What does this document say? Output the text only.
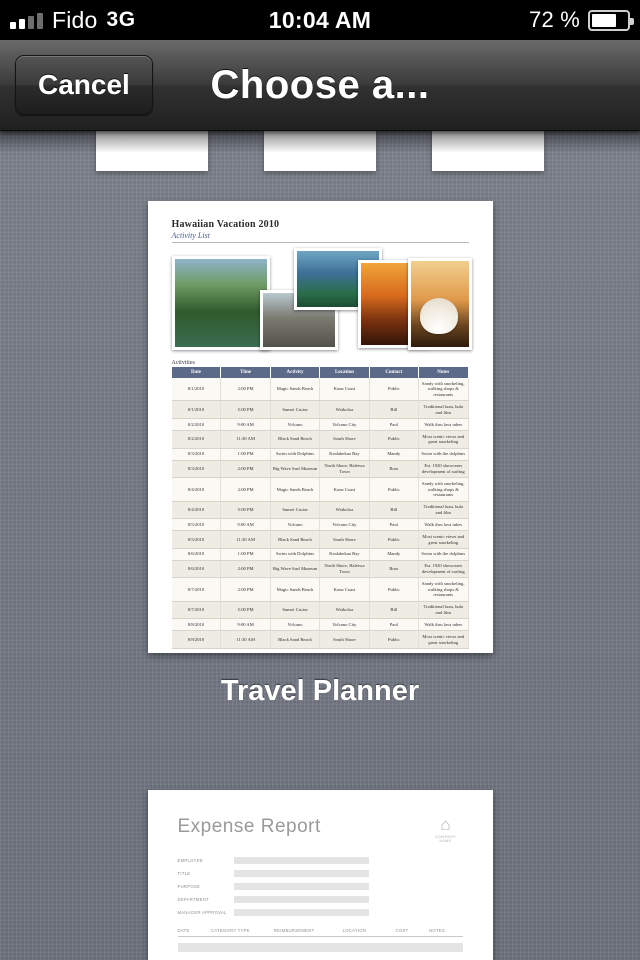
Fido 3G	10:04 AM	72 %
Cancel	Choose a...
Hawaiian Vacation 2010
Activity List
Activities
Date	Time	Activity	Location	Contact	Notes
8/1/2010	2:00 PM	Magic Sands Beach	Kona Coast	Public	Sandy with snorkeling, walking shops & restaurants
8/1/2010	5:00 PM	Sunset Cruise	Waikoloa	Bill	Traditional luau, hula and film
8/2/2010	9:00 AM	Volcano	Volcano City	Paul	Walk thru lava tubes
8/2/2010	11:30 AM	Black Sand Beach	South Shore	Public	Most scenic views and great snorkeling
8/3/2010	1:00 PM	Swim with Dolphins	Kealakekua Bay	Mandy	Swim with the dolphins
8/3/2010	2:00 PM	Big Wave Surf Museum	North Shore, Haleiwa Town	Russ	Est. 1920 showcases development of surfing
8/4/2010	2:00 PM	Magic Sands Beach	Kona Coast	Public	Sandy with snorkeling, walking shops & restaurants
8/4/2010	5:00 PM	Sunset Cruise	Waikoloa	Bill	Traditional luau, hula and film
8/5/2010	9:00 AM	Volcano	Volcano City	Paul	Walk thru lava tubes
8/5/2010	11:30 AM	Black Sand Beach	South Shore	Public	Most scenic views and great snorkeling
8/6/2010	1:00 PM	Swim with Dolphins	Kealakekua Bay	Mandy	Swim with the dolphins
8/6/2010	2:00 PM	Big Wave Surf Museum	North Shore, Haleiwa Town	Russ	Est. 1920 showcases development of surfing
8/7/2010	2:00 PM	Magic Sands Beach	Kona Coast	Public	Sandy with snorkeling, walking shops & restaurants
8/7/2010	5:00 PM	Sunset Cruise	Waikoloa	Bill	Traditional luau, hula and film
8/8/2010	9:00 AM	Volcano	Volcano City	Paul	Walk thru lava tubes
8/8/2010	11:30 AM	Black Sand Beach	South Shore	Public	Most scenic views and great snorkeling
Travel Planner
Expense Report	⌂
COMPANY NAME
EMPLOYEE
TITLE
PURPOSE
DEPARTMENT
MANAGER APPROVAL
DATE	CATEGORY TYPE	REIMBURSEMENT	LOCATION	COST	NOTES
